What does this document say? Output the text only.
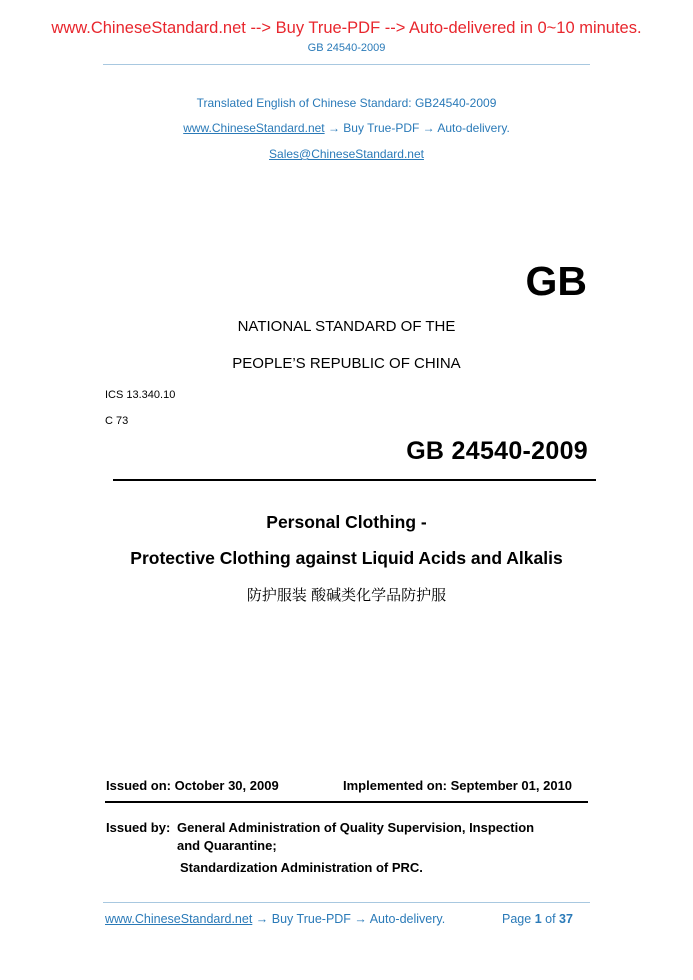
www.ChineseStandard.net --> Buy True-PDF --> Auto-delivered in 0~10 minutes.
GB 24540-2009
Translated English of Chinese Standard: GB24540-2009
www.ChineseStandard.net → Buy True-PDF → Auto-delivery.
Sales@ChineseStandard.net
GB
NATIONAL STANDARD OF THE
PEOPLE’S REPUBLIC OF CHINA
ICS 13.340.10
C 73
GB 24540-2009
Personal Clothing -
Protective Clothing against Liquid Acids and Alkalis
防护服装 酸碱类化学品防护服
Issued on: October 30, 2009	Implemented on: September 01, 2010
Issued by: General Administration of Quality Supervision, Inspection
and Quarantine;
Standardization Administration of PRC.
www.ChineseStandard.net → Buy True-PDF → Auto-delivery.	Page 1 of 37
